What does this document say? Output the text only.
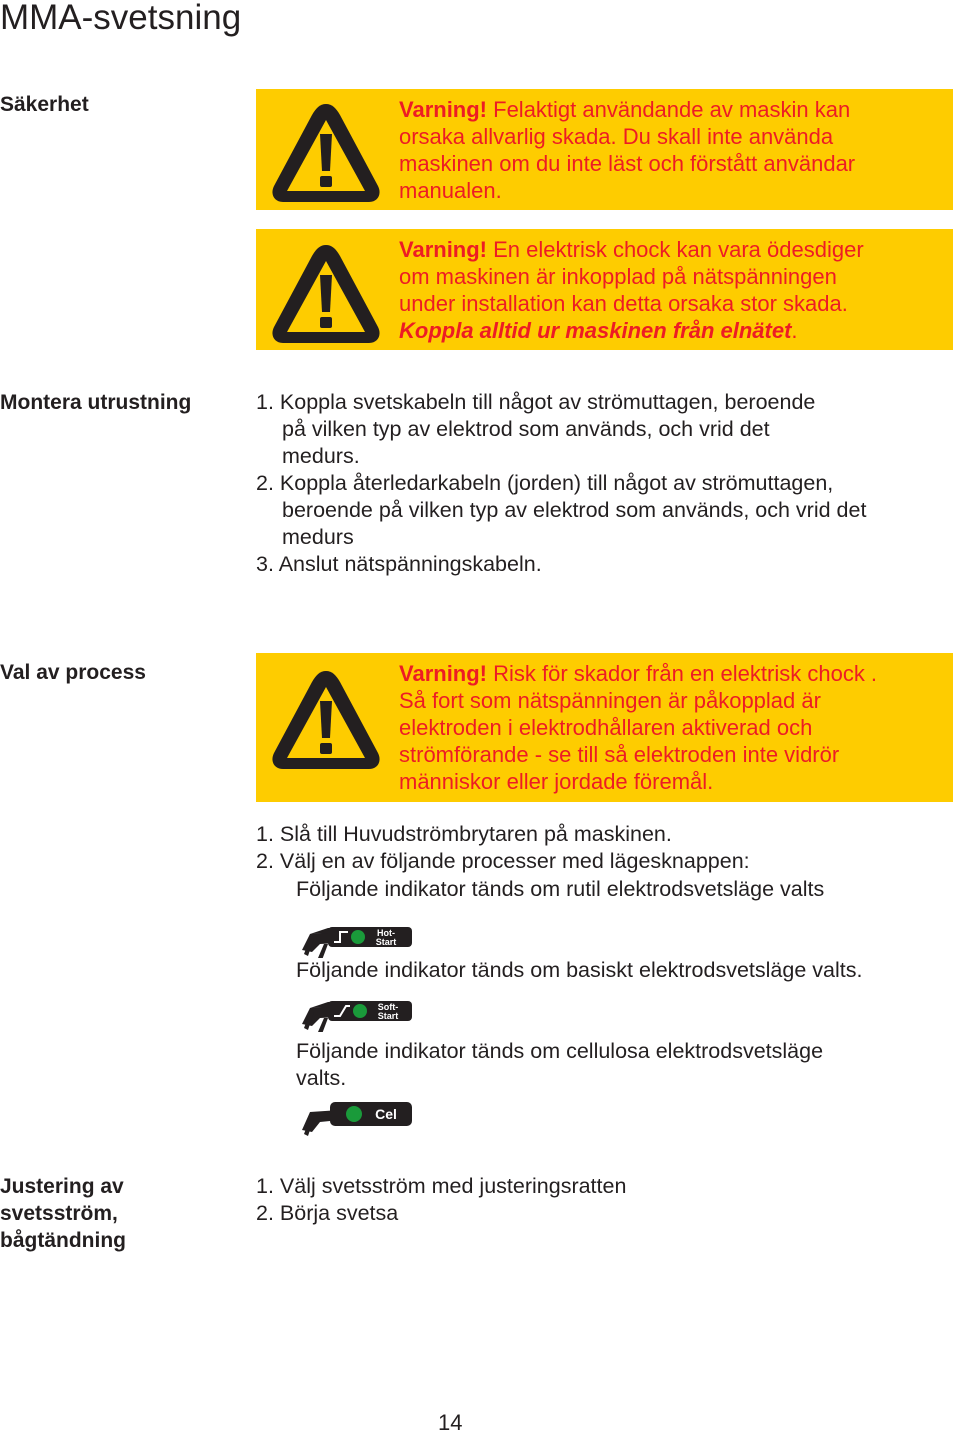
MMA-svetsning
Säkerhet	Varning! Felaktigt användande av maskin kan
orsaka allvarlig skada. Du skall inte använda
maskinen om du inte läst och förstått användar
manualen.
Varning! En elektrisk chock kan vara ödesdiger
om maskinen är inkopplad på nätspänningen
under installation kan detta orsaka stor skada.
Koppla alltid ur maskinen från elnätet.
Montera utrustning	1. Koppla svetskabeln till något av strömuttagen, beroende
på vilken typ av elektrod som används, och vrid det
medurs.
2. Koppla återledarkabeln (jorden) till något av strömuttagen,
beroende på vilken typ av elektrod som används, och vrid det
medurs
3. Anslut nätspänningskabeln.
Val av process	Varning! Risk för skador från en elektrisk chock .
Så fort som nätspänningen är påkopplad är
elektroden i elektrodhållaren aktiverad och
strömförande - se till så elektroden inte vidrör
människor eller jordade föremål.
1. Slå till Huvudströmbrytaren på maskinen.
2. Välj en av följande processer med lägesknappen:
Följande indikator tänds om rutil elektrodsvetsläge valts
Hot-
Start
Följande indikator tänds om basiskt elektrodsvetsläge valts.
Soft-
Start
Följande indikator tänds om cellulosa elektrodsvetsläge
valts.
Cel
Justering av
svetsström,
bågtändning
1. Välj svetsström med justeringsratten
2. Börja svetsa
14
